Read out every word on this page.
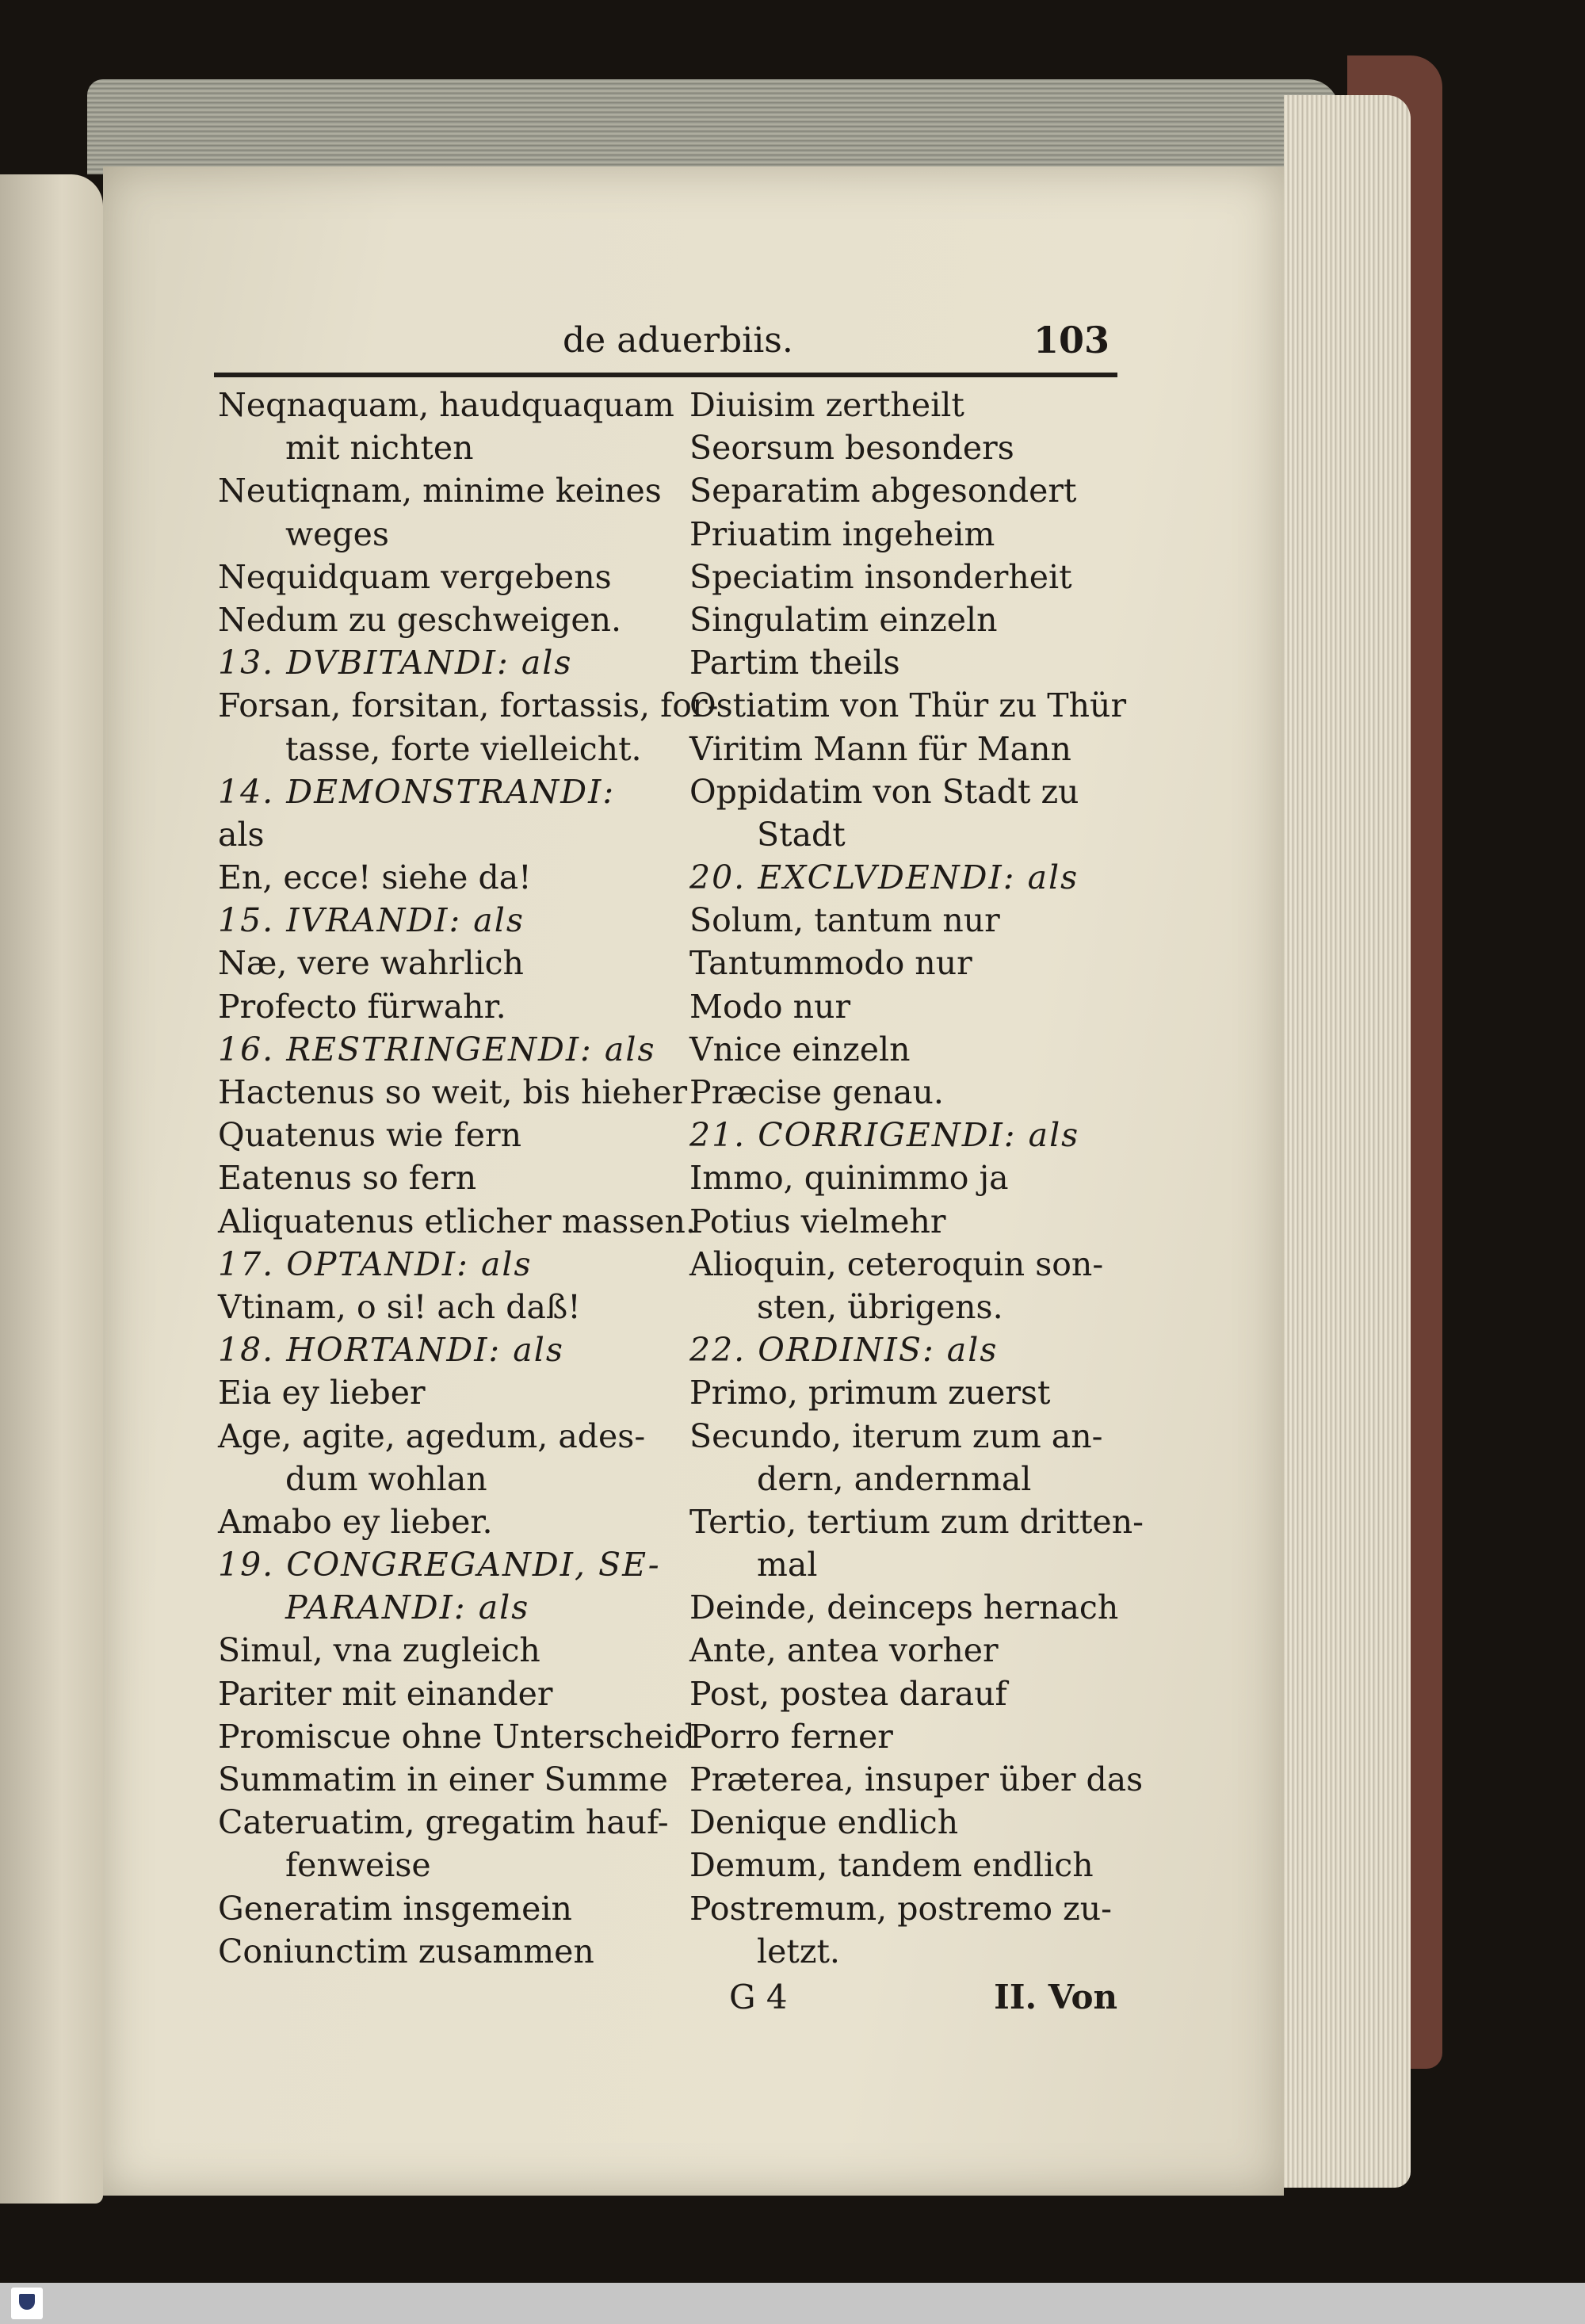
de aduerbiis.	103
Neqnaquam, haudquaquam
mit nichten
Neutiqnam, minime keines
weges
Nequidquam vergebens
Nedum zu geschweigen.
13. DVBITANDI: als
Forsan, forsitan, fortassis, for-
tasse, forte vielleicht.
14. DEMONSTRANDI:
als
En, ecce! siehe da!
15. IVRANDI: als
Næ, vere wahrlich
Profecto fürwahr.
16. RESTRINGENDI: als
Hactenus so weit, bis hieher
Quatenus wie fern
Eatenus so fern
Aliquatenus etlicher massen.
17. OPTANDI: als
Vtinam, o si! ach daß!
18. HORTANDI: als
Eia ey lieber
Age, agite, agedum, ades-
dum wohlan
Amabo ey lieber.
19. CONGREGANDI, SE-
PARANDI: als
Simul, vna zugleich
Pariter mit einander
Promiscue ohne Unterscheid
Summatim in einer Summe
Cateruatim, gregatim hauf-
fenweise
Generatim insgemein
Coniunctim zusammen
Diuisim zertheilt
Seorsum besonders
Separatim abgesondert
Priuatim ingeheim
Speciatim insonderheit
Singulatim einzeln
Partim theils
Ostiatim von Thür zu Thür
Viritim Mann für Mann
Oppidatim von Stadt zu
Stadt
20. EXCLVDENDI: als
Solum, tantum nur
Tantummodo nur
Modo nur
Vnice einzeln
Præcise genau.
21. CORRIGENDI: als
Immo, quinimmo ja
Potius vielmehr
Alioquin, ceteroquin son-
sten, übrigens.
22. ORDINIS: als
Primo, primum zuerst
Secundo, iterum zum an-
dern, andernmal
Tertio, tertium zum dritten-
mal
Deinde, deinceps hernach
Ante, antea vorher
Post, postea darauf
Porro ferner
Præterea, insuper über das
Denique endlich
Demum, tandem endlich
Postremum, postremo zu-
letzt.
G 4	II. Von
